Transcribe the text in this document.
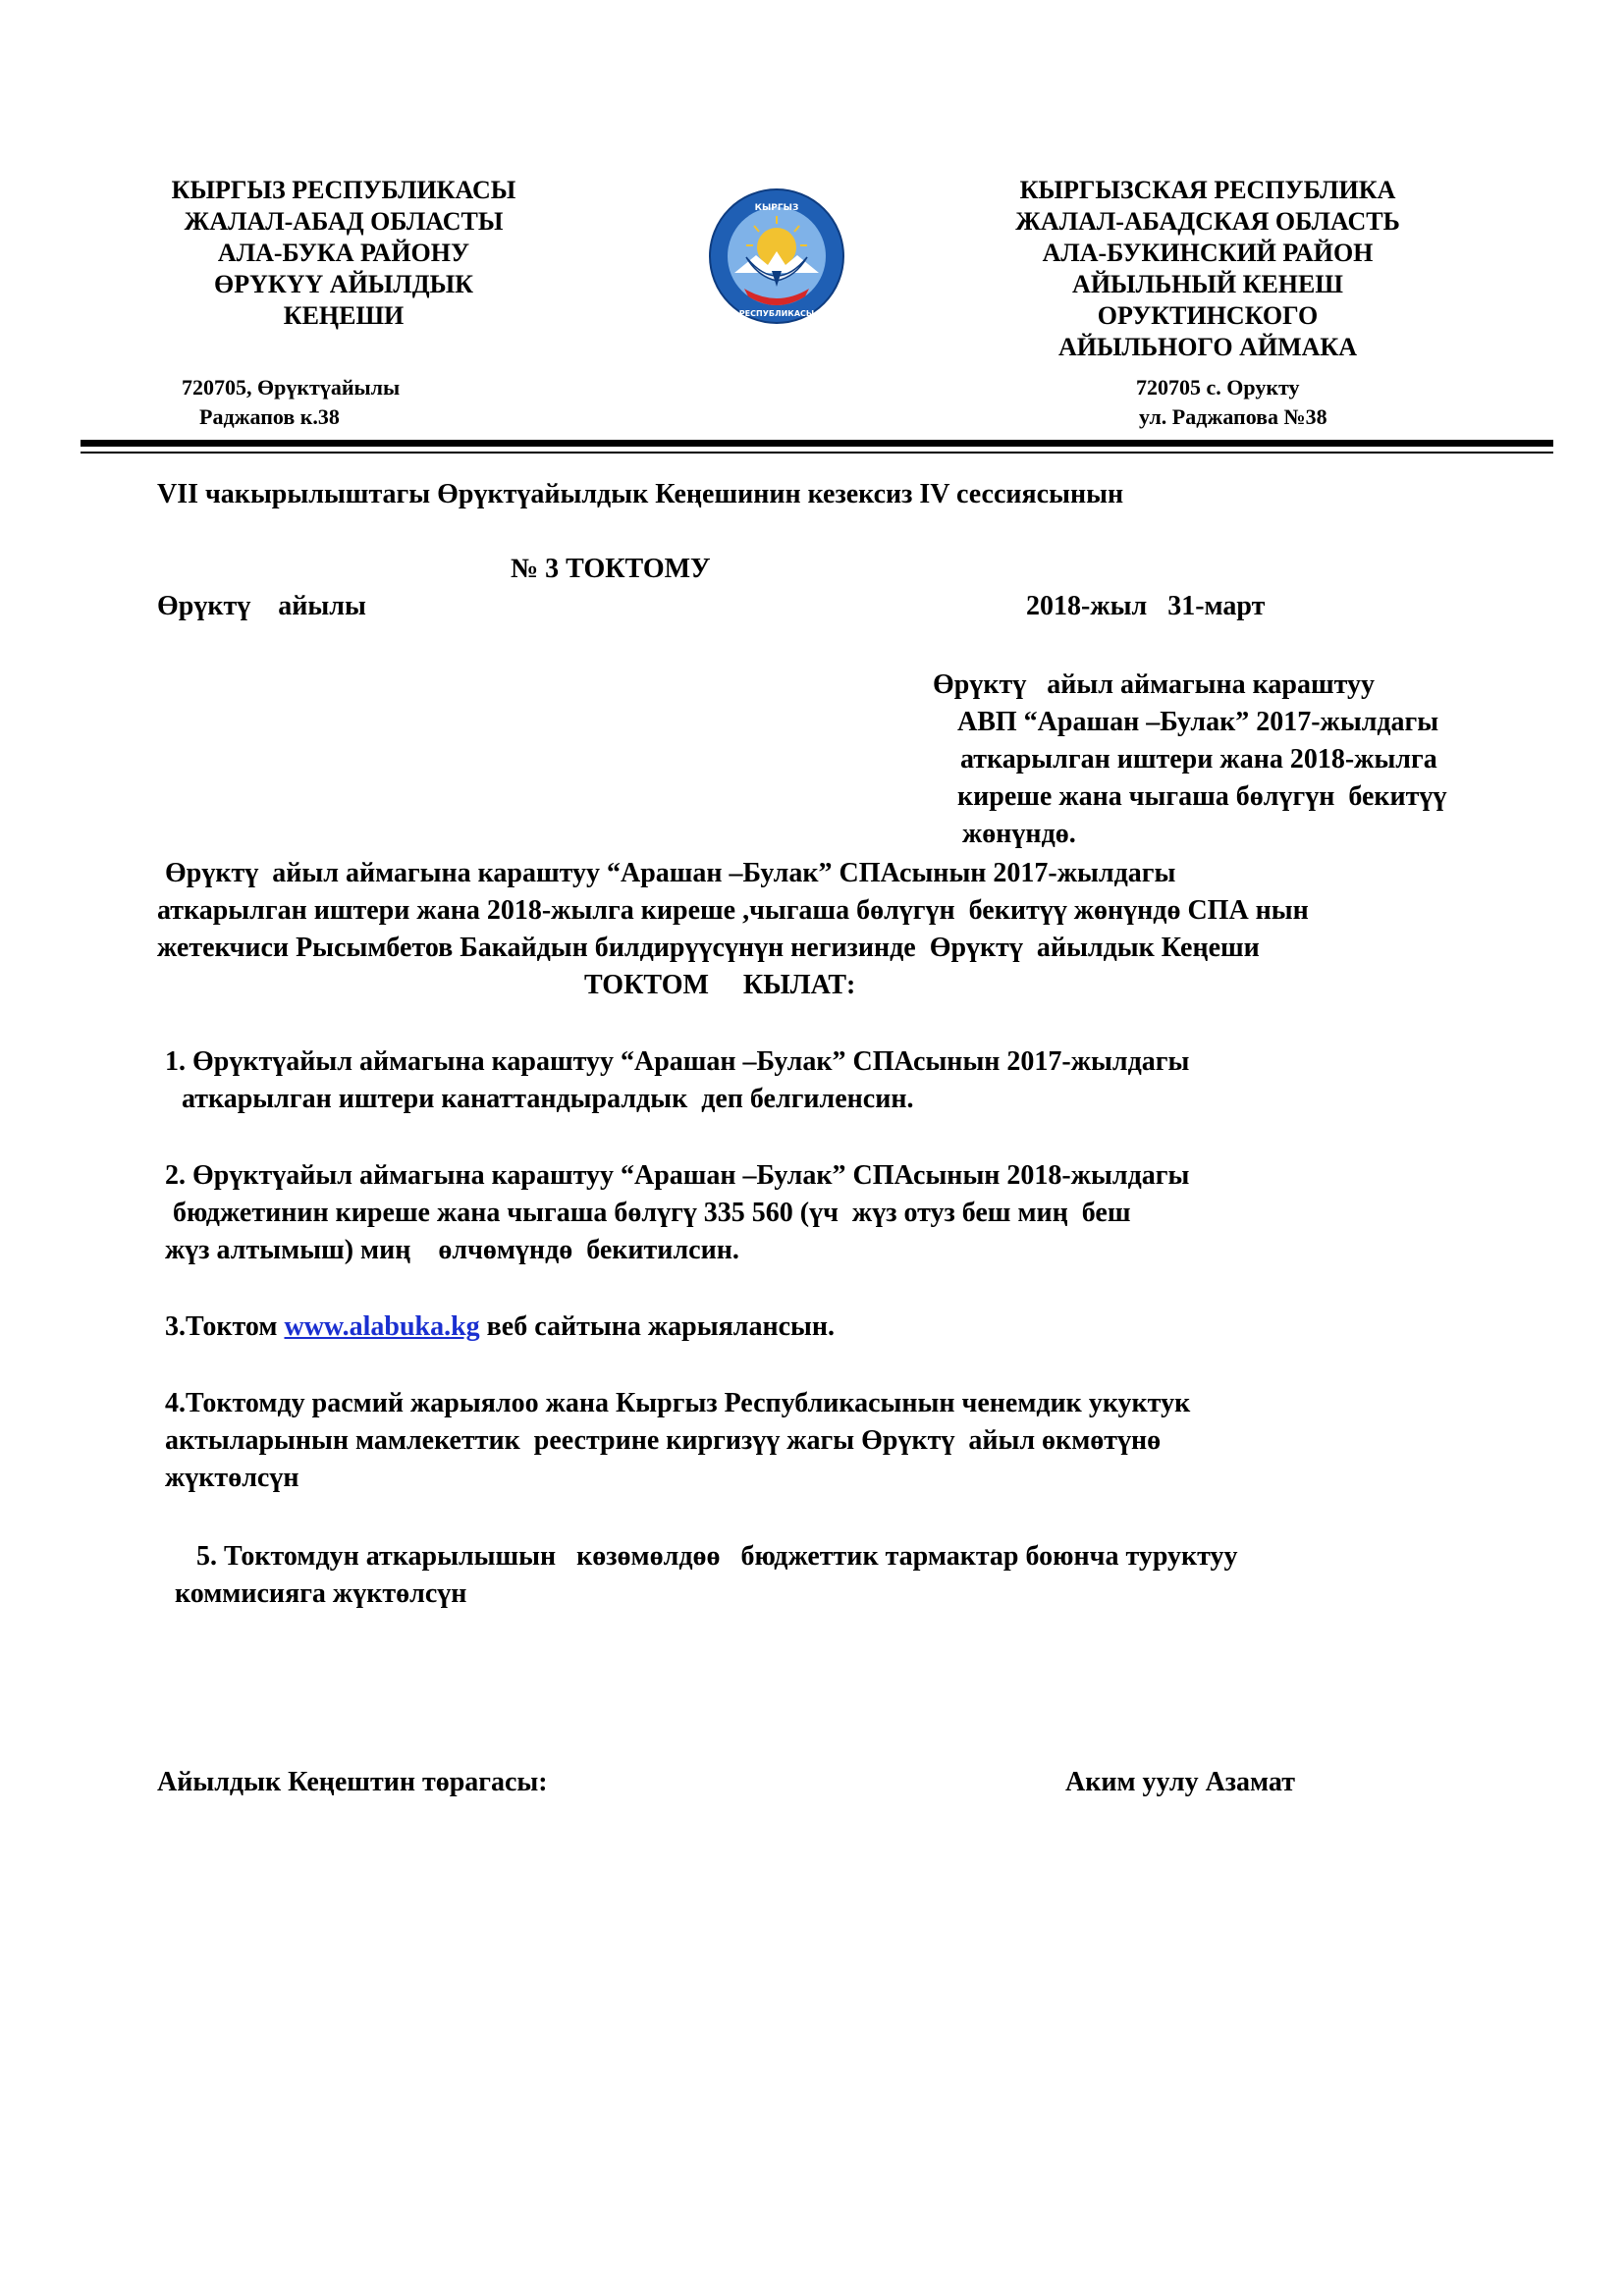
КЫРГЫЗ РЕСПУБЛИКАСЫ
ЖАЛАЛ-АБАД ОБЛАСТЫ
АЛА-БУКА РАЙОНУ
ӨРҮКҮҮ АЙЫЛДЫК
КЕҢЕШИ
КЫРГЫЗ
РЕСПУБЛИКАСЫ
КЫРГЫЗСКАЯ РЕСПУБЛИКА
ЖАЛАЛ-АБАДСКАЯ ОБЛАСТЬ
АЛА-БУКИНСКИЙ РАЙОН
АЙЫЛЬНЫЙ КЕНЕШ
ОРУКТИНСКОГО
АЙЫЛЬНОГО АЙМАКА
720705, Өрүктүайылы
Раджапов к.38
720705 с. Орукту
ул. Раджапова №38
VII чакырылыштагы Өрүктүайылдык Кеңешинин кезексиз IV сессиясынын
№ 3 ТОКТОМУ
Өрүктү    айылы	2018-жыл   31-март
Өрүктү   айыл аймагына караштуу
АВП “Арашан –Булак” 2017-жылдагы
аткарылган иштери жана 2018-жылга
киреше жана чыгаша бөлүгүн  бекитүү
жөнүндө.
Өрүктү  айыл аймагына караштуу “Арашан –Булак” СПАсынын 2017-жылдагы
аткарылган иштери жана 2018-жылга киреше ,чыгаша бөлүгүн  бекитүү жөнүндө СПА нын
жетекчиси Рысымбетов Бакайдын билдирүүсүнүн негизинде  Өрүктү  айылдык Кеңеши
ТОКТОМ     КЫЛАТ:
1. Өрүктүайыл аймагына караштуу “Арашан –Булак” СПАсынын 2017-жылдагы
аткарылган иштери канаттандыралдык  деп белгиленсин.
2. Өрүктүайыл аймагына караштуу “Арашан –Булак” СПАсынын 2018-жылдагы
бюджетинин киреше жана чыгаша бөлүгү 335 560 (үч  жүз отуз беш миң  беш
жүз алтымыш) миң    өлчөмүндө  бекитилсин.
3.Токтом www.alabuka.kg веб сайтына жарыялансын.
4.Токтомду расмий жарыялоо жана Кыргыз Республикасынын ченемдик укуктук
актыларынын мамлекеттик  реестрине киргизүү жагы Өрүктү  айыл өкмөтүнө
жүктөлсүн
5. Токтомдун аткарылышын   көзөмөлдөө   бюджеттик тармактар боюнча туруктуу
коммисияга жүктөлсүн
Айылдык Кеңештин төрагасы:	Аким уулу Азамат
